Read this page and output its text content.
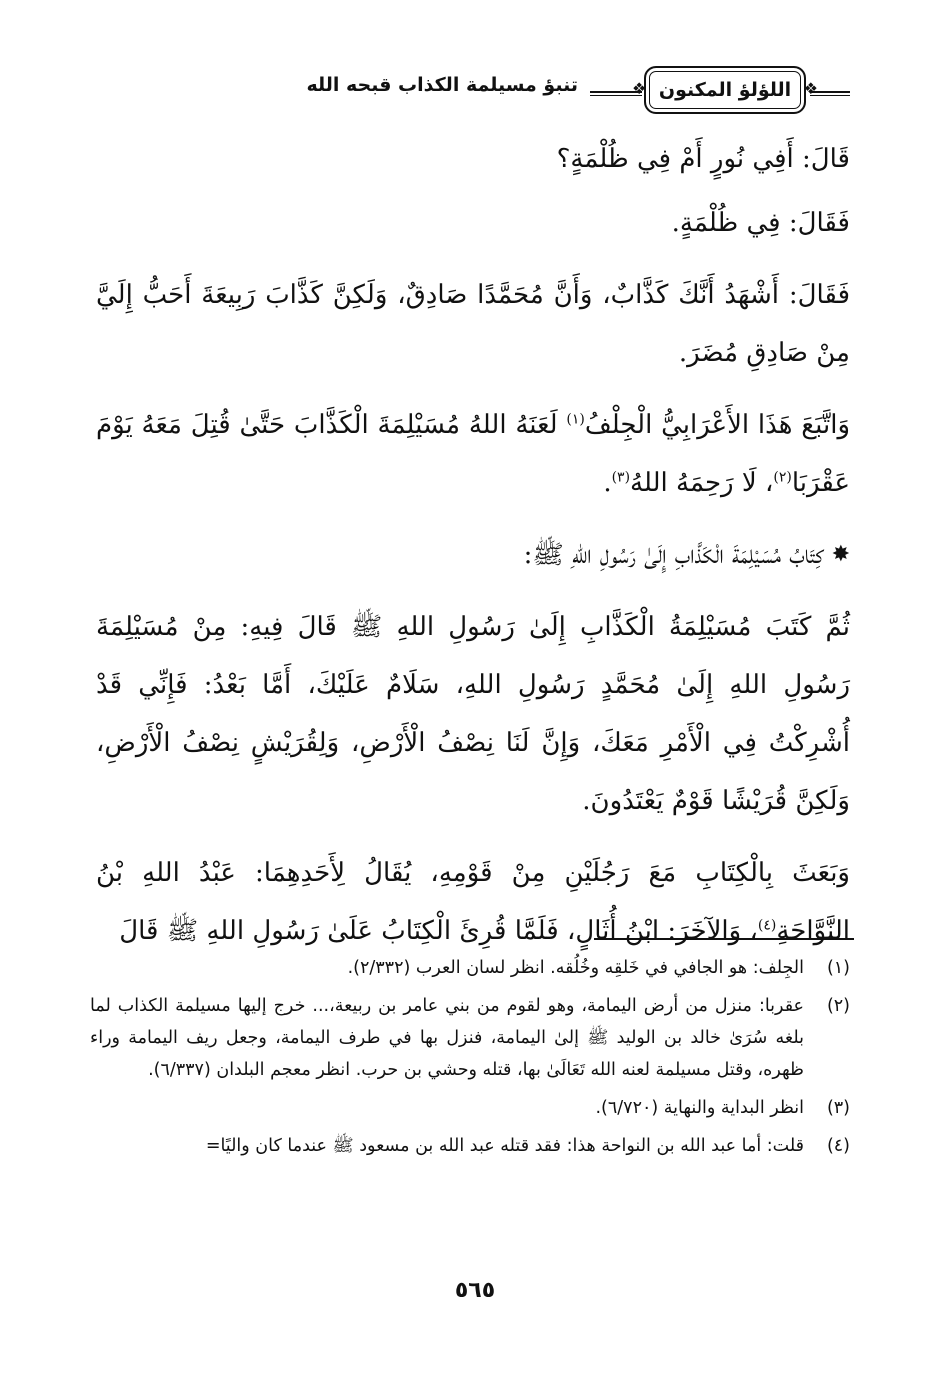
❖
اللؤلؤ المكنون
❖
تنبؤ مسيلمة الكذاب قبحه الله

قَالَ: أَفِي نُورٍ أَمْ فِي ظُلْمَةٍ؟

فَقَالَ: فِي ظُلْمَةٍ.

فَقَالَ: أَشْهَدُ أَنَّكَ كَذَّابٌ، وَأَنَّ مُحَمَّدًا صَادِقٌ، وَلَكِنَّ كَذَّابَ رَبِيعَةَ أَحَبُّ إِلَيَّ مِنْ صَادِقِ مُضَرَ.

وَاتَّبَعَ هَذَا الأَعْرَابِيُّ الْجِلْفُ$^{(١)}$ لَعَنَهُ اللهُ مُسَيْلِمَةَ الْكَذَّابَ حَتَّىٰ قُتِلَ مَعَهُ يَوْمَ عَقْرَبَا$^{(٢)}$، لَا رَحِمَهُ اللهُ$^{(٣)}$.

✸
كِتَابُ مُسَيْلِمَةَ الْكَذَّابِ إِلَىٰ رَسُولِ اللهِ ﷺ:

ثُمَّ كَتَبَ مُسَيْلِمَةُ الْكَذَّابِ إِلَىٰ رَسُولِ اللهِ ﷺ قَالَ فِيهِ: مِنْ مُسَيْلِمَةَ رَسُولِ اللهِ إِلَىٰ مُحَمَّدٍ رَسُولِ اللهِ، سَلَامٌ عَلَيْكَ، أَمَّا بَعْدُ: فَإِنِّي قَدْ أُشْرِكْتُ فِي الْأَمْرِ مَعَكَ، وَإِنَّ لَنَا نِصْفُ الْأَرْضِ، وَلِقُرَيْشٍ نِصْفُ الْأَرْضِ، وَلَكِنَّ قُرَيْشًا قَوْمٌ يَعْتَدُونَ.

وَبَعَثَ بِالْكِتَابِ مَعَ رَجُلَيْنِ مِنْ قَوْمِهِ، يُقَالُ لِأَحَدِهِمَا: عَبْدُ اللهِ بْنُ النَّوَّاحَةِ$^{(٤)}$، وَالآخَرَ: ابْنُ أُثَالٍ، فَلَمَّا قُرِئَ الْكِتَابُ عَلَىٰ رَسُولِ اللهِ ﷺ قَالَ

(١)
الجِلف: هو الجافي في خَلقِه وخُلُقه. انظر لسان العرب (٢/٣٣٢).
(٢)
عقربا: منزل من أرض اليمامة، وهو لقوم من بني عامر بن ربيعة،... خرج إليها مسيلمة الكذاب لما بلغه سُرَىٰ خالد بن الوليد ﷺ إلىٰ اليمامة، فنزل بها في طرف اليمامة، وجعل ريف اليمامة وراء ظهره، وقتل مسيلمة لعنه الله تَعَالَىٰ بها، قتله وحشي بن حرب. انظر معجم البلدان (٦/٣٣٧).
(٣)
انظر البداية والنهاية (٦/٧٢٠).
(٤)
قلت: أما عبد الله بن النواحة هذا: فقد قتله عبد الله بن مسعود ﷺ عندما كان واليًا=
٥٦٥
